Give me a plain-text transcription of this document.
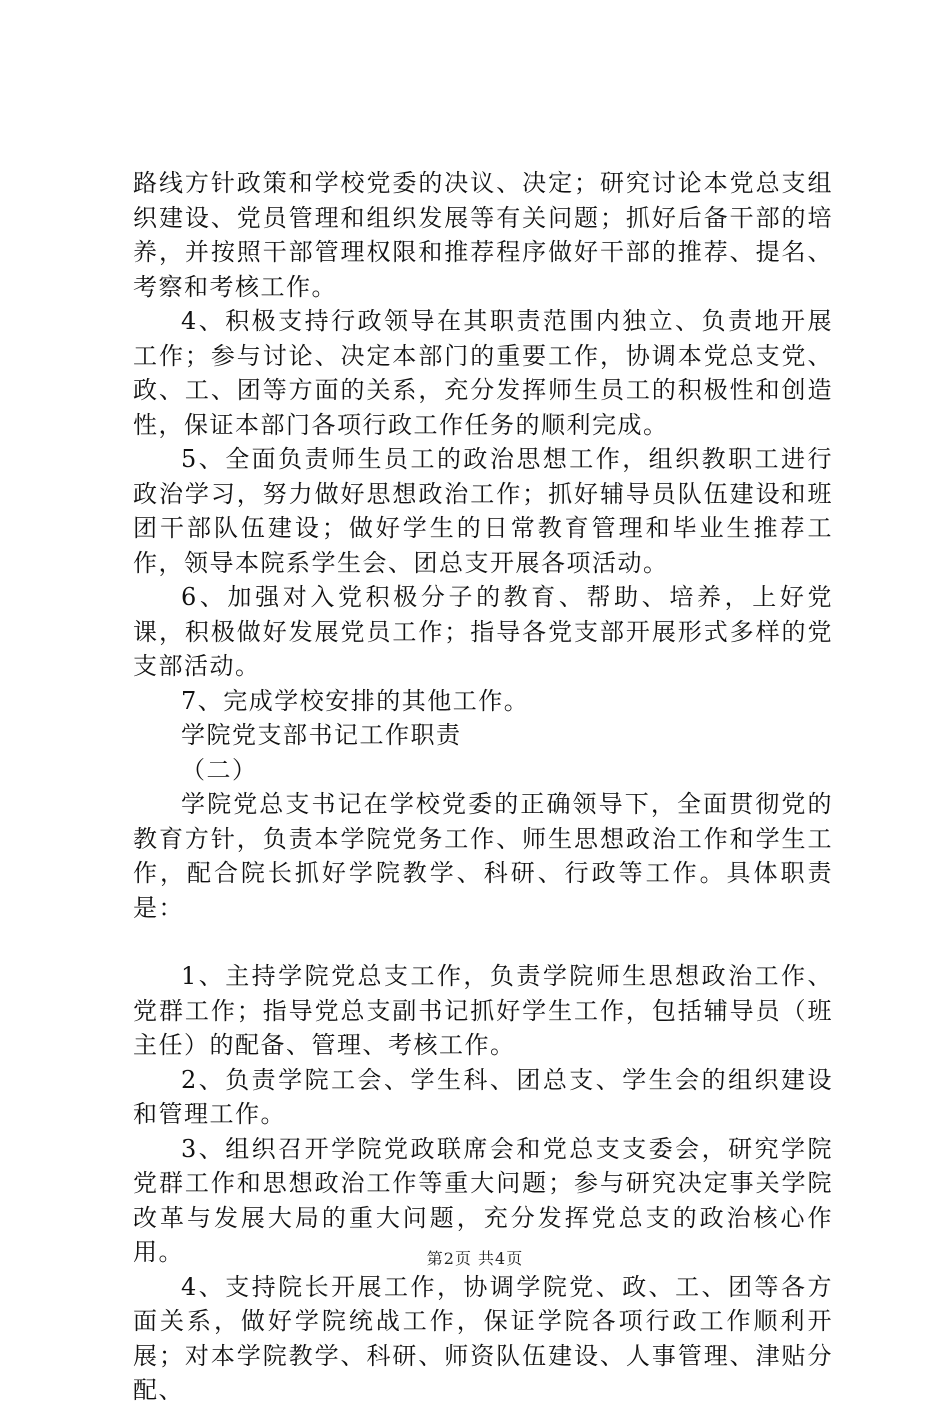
路线方针政策和学校党委的决议、决定；研究讨论本党总支组织建设、党员管理和组织发展等有关问题；抓好后备干部的培养，并按照干部管理权限和推荐程序做好干部的推荐、提名、考察和考核工作。

4、积极支持行政领导在其职责范围内独立、负责地开展工作；参与讨论、决定本部门的重要工作，协调本党总支党、政、工、团等方面的关系，充分发挥师生员工的积极性和创造性，保证本部门各项行政工作任务的顺利完成。

5、全面负责师生员工的政治思想工作，组织教职工进行政治学习，努力做好思想政治工作；抓好辅导员队伍建设和班团干部队伍建设；做好学生的日常教育管理和毕业生推荐工作，领导本院系学生会、团总支开展各项活动。

6、加强对入党积极分子的教育、帮助、培养，上好党课，积极做好发展党员工作；指导各党支部开展形式多样的党支部活动。

7、完成学校安排的其他工作。

学院党支部书记工作职责

（二）

学院党总支书记在学校党委的正确领导下，全面贯彻党的教育方针，负责本学院党务工作、师生思想政治工作和学生工作，配合院长抓好学院教学、科研、行政等工作。具体职责是：

1、主持学院党总支工作，负责学院师生思想政治工作、党群工作；指导党总支副书记抓好学生工作，包括辅导员（班主任）的配备、管理、考核工作。

2、负责学院工会、学生科、团总支、学生会的组织建设和管理工作。

3、组织召开学院党政联席会和党总支支委会，研究学院党群工作和思想政治工作等重大问题；参与研究决定事关学院改革与发展大局的重大问题，充分发挥党总支的政治核心作用。

4、支持院长开展工作，协调学院党、政、工、团等各方面关系，做好学院统战工作，保证学院各项行政工作顺利开展；对本学院教学、科研、师资队伍建设、人事管理、津贴分配、

第2页 共4页
